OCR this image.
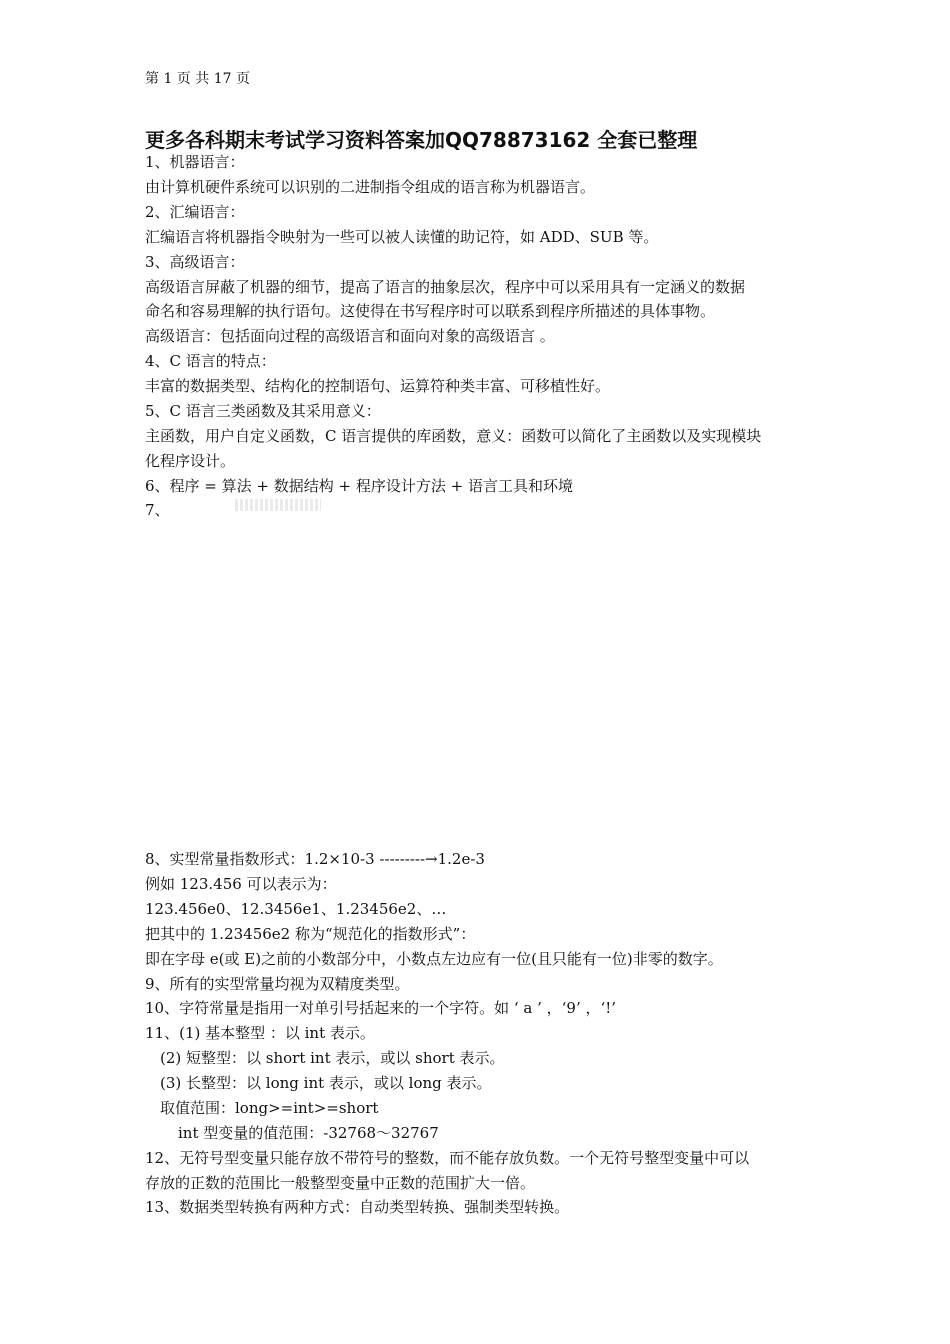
第 1 页 共 17 页
更多各科期末考试学习资料答案加QQ78873162 全套已整理
1、机器语言：
由计算机硬件系统可以识别的二进制指令组成的语言称为机器语言。
2、汇编语言：
汇编语言将机器指令映射为一些可以被人读懂的助记符，如 ADD、SUB 等。
3、高级语言：
高级语言屏蔽了机器的细节，提高了语言的抽象层次，程序中可以采用具有一定涵义的数据
命名和容易理解的执行语句。这使得在书写程序时可以联系到程序所描述的具体事物。
高级语言：包括面向过程的高级语言和面向对象的高级语言 。
4、C 语言的特点：
丰富的数据类型、结构化的控制语句、运算符种类丰富、可移植性好。
5、C 语言三类函数及其采用意义：
主函数，用户自定义函数，C 语言提供的库函数，意义：函数可以简化了主函数以及实现模块
化程序设计。
6、程序 = 算法 + 数据结构 + 程序设计方法 + 语言工具和环境
7、
8、实型常量指数形式：1.2×10-3 ---------→1.2e-3
例如 123.456 可以表示为：
123.456e0、12.3456e1、1.23456e2、…
把其中的 1.23456e2 称为“规范化的指数形式”：
即在字母 e(或 E)之前的小数部分中，小数点左边应有一位(且只能有一位)非零的数字。
9、所有的实型常量均视为双精度类型。
10、字符常量是指用一对单引号括起来的一个字符。如 ‘ a ’ ，‘9’ ，‘!’
11、(1) 基本整型 ：以 int 表示。
(2) 短整型：以 short int 表示，或以 short 表示。
(3) 长整型：以 long int 表示，或以 long 表示。
取值范围：long>=int>=short
int 型变量的值范围：-32768～32767
12、无符号型变量只能存放不带符号的整数，而不能存放负数。一个无符号整型变量中可以
存放的正数的范围比一般整型变量中正数的范围扩大一倍。
13、数据类型转换有两种方式：自动类型转换、强制类型转换。
